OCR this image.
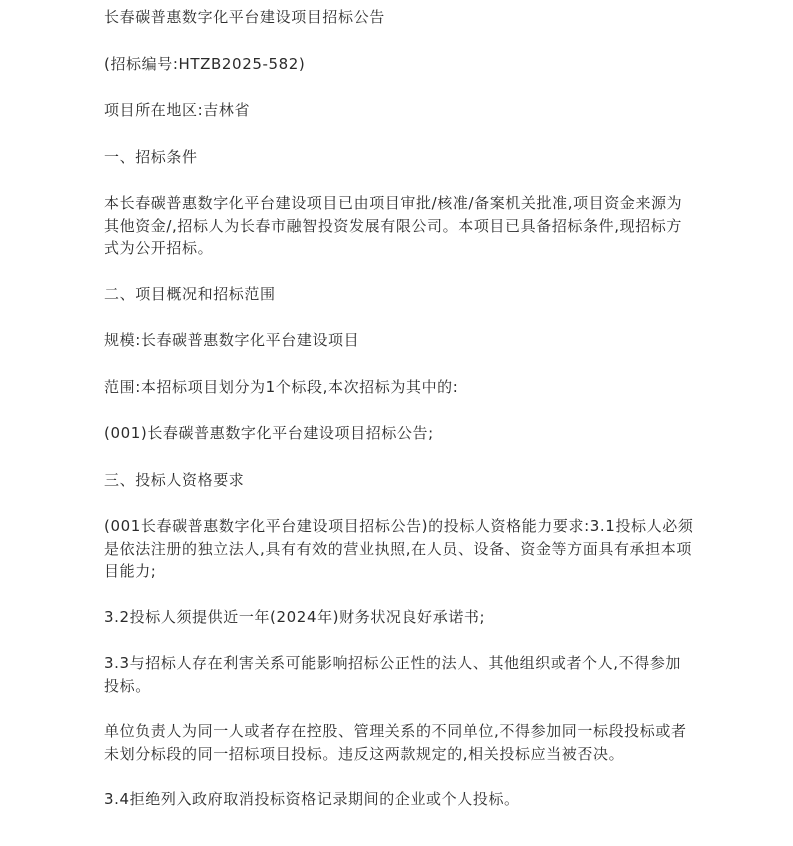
长春碳普惠数字化平台建设项目招标公告

(招标编号:HTZB2025-582)

项目所在地区:吉林省

一、招标条件

本长春碳普惠数字化平台建设项目已由项目审批/核准/备案机关批准,项目资金来源为其他资金/,招标人为长春市融智投资发展有限公司。本项目已具备招标条件,现招标方式为公开招标。

二、项目概况和招标范围

规模:长春碳普惠数字化平台建设项目

范围:本招标项目划分为1个标段,本次招标为其中的:

(001)长春碳普惠数字化平台建设项目招标公告;

三、投标人资格要求

(001长春碳普惠数字化平台建设项目招标公告)的投标人资格能力要求:3.1投标人必须是依法注册的独立法人,具有有效的营业执照,在人员、设备、资金等方面具有承担本项目能力;

3.2投标人须提供近一年(2024年)财务状况良好承诺书;

3.3与招标人存在利害关系可能影响招标公正性的法人、其他组织或者个人,不得参加投标。

单位负责人为同一人或者存在控股、管理关系的不同单位,不得参加同一标段投标或者未划分标段的同一招标项目投标。违反这两款规定的,相关投标应当被否决。

3.4拒绝列入政府取消投标资格记录期间的企业或个人投标。
